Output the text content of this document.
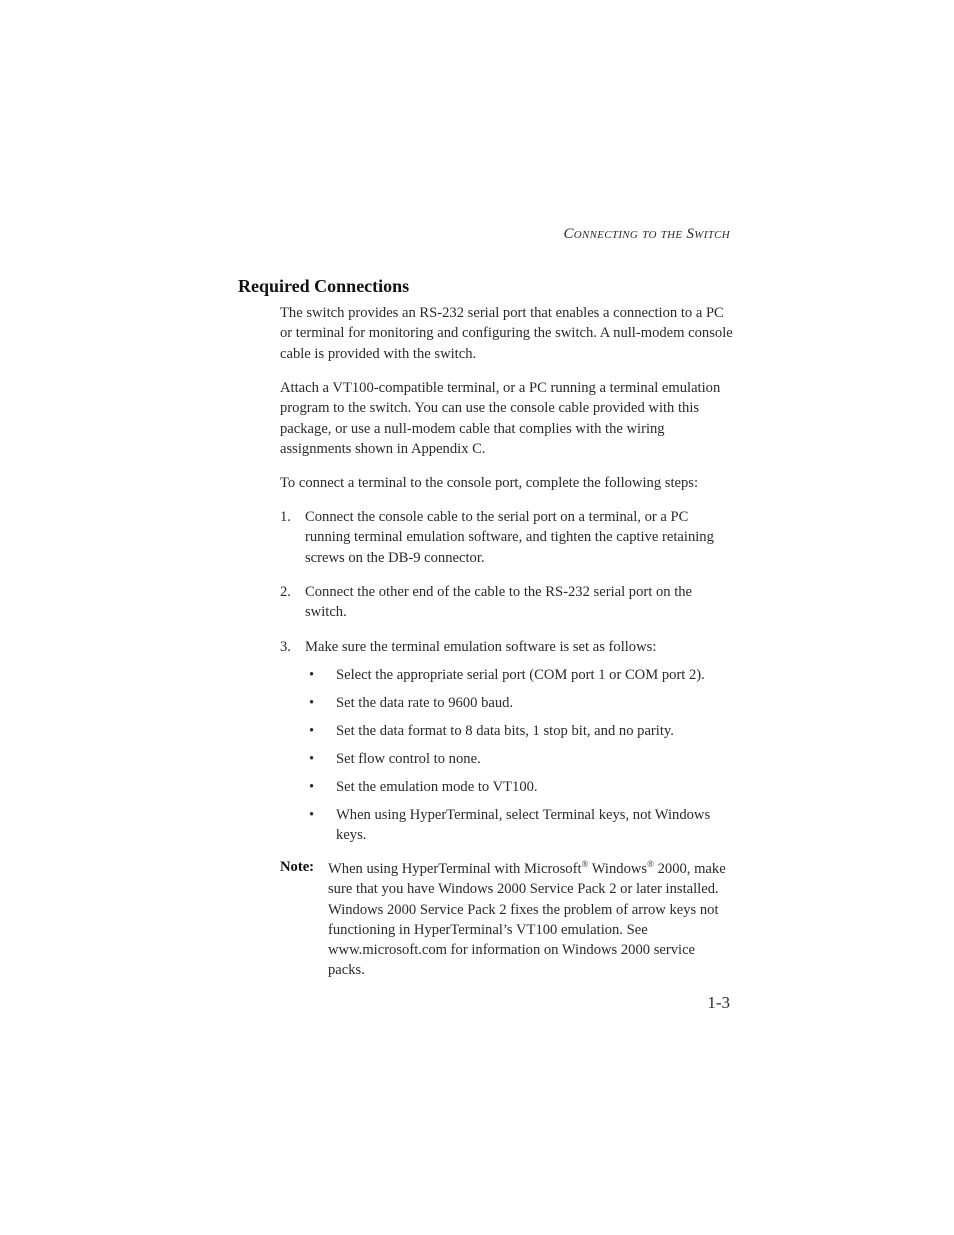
Connecting to the Switch
Required Connections

The switch provides an RS-232 serial port that enables a connection to a PC or terminal for monitoring and configuring the switch. A null-modem console cable is provided with the switch.

Attach a VT100-compatible terminal, or a PC running a terminal emulation program to the switch. You can use the console cable provided with this package, or use a null-modem cable that complies with the wiring assignments shown in Appendix C.

To connect a terminal to the console port, complete the following steps:

1. Connect the console cable to the serial port on a terminal, or a PC running terminal emulation software, and tighten the captive retaining screws on the DB-9 connector.
2. Connect the other end of the cable to the RS-232 serial port on the switch.
3. Make sure the terminal emulation software is set as follows:
• Select the appropriate serial port (COM port 1 or COM port 2).
• Set the data rate to 9600 baud.
• Set the data format to 8 data bits, 1 stop bit, and no parity.
• Set flow control to none.
• Set the emulation mode to VT100.
• When using HyperTerminal, select Terminal keys, not Windows keys.
Note: When using HyperTerminal with Microsoft® Windows® 2000, make sure that you have Windows 2000 Service Pack 2 or later installed. Windows 2000 Service Pack 2 fixes the problem of arrow keys not functioning in HyperTerminal’s VT100 emulation. See www.microsoft.com for information on Windows 2000 service packs.
1-3
